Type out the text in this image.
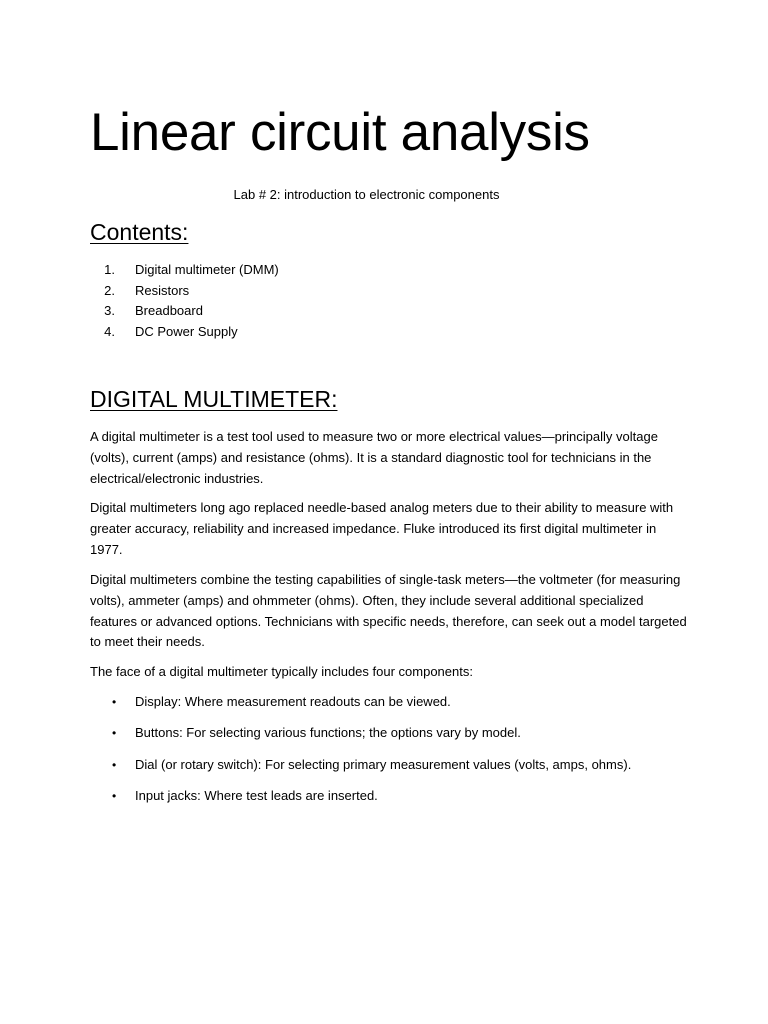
Linear circuit analysis

Lab # 2: introduction to electronic components

Contents:
1.	Digital multimeter (DMM)
2.	Resistors
3.	Breadboard
4.	DC Power Supply
DIGITAL MULTIMETER:

A digital multimeter is a test tool used to measure two or more electrical values—principally voltage (volts), current (amps) and resistance (ohms). It is a standard diagnostic tool for technicians in the electrical/electronic industries.

Digital multimeters long ago replaced needle-based analog meters due to their ability to measure with greater accuracy, reliability and increased impedance. Fluke introduced its first digital multimeter in 1977.

Digital multimeters combine the testing capabilities of single-task meters—the voltmeter (for measuring volts), ammeter (amps) and ohmmeter (ohms). Often, they include several additional specialized features or advanced options. Technicians with specific needs, therefore, can seek out a model targeted to meet their needs.

The face of a digital multimeter typically includes four components:

• Display: Where measurement readouts can be viewed.
• Buttons: For selecting various functions; the options vary by model.
• Dial (or rotary switch): For selecting primary measurement values (volts, amps, ohms).
• Input jacks: Where test leads are inserted.
